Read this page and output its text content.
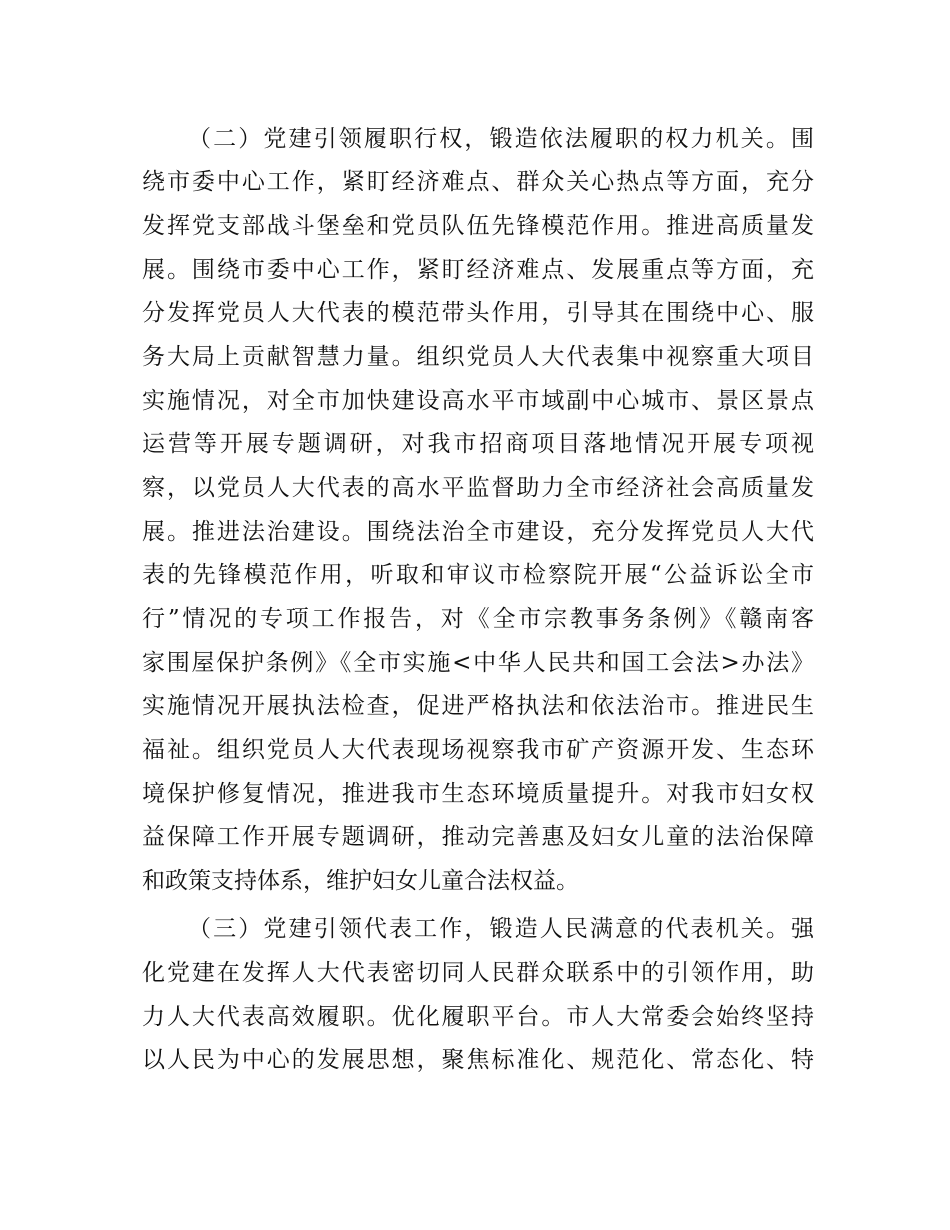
（二）党建引领履职行权，锻造依法履职的权力机关。围
绕市委中心工作，紧盯经济难点、群众关心热点等方面，充分
发挥党支部战斗堡垒和党员队伍先锋模范作用。推进高质量发
展。围绕市委中心工作，紧盯经济难点、发展重点等方面，充
分发挥党员人大代表的模范带头作用，引导其在围绕中心、服
务大局上贡献智慧力量。组织党员人大代表集中视察重大项目
实施情况，对全市加快建设高水平市域副中心城市、景区景点
运营等开展专题调研，对我市招商项目落地情况开展专项视
察，以党员人大代表的高水平监督助力全市经济社会高质量发
展。推进法治建设。围绕法治全市建设，充分发挥党员人大代
表的先锋模范作用，听取和审议市检察院开展“公益诉讼全市
行”情况的专项工作报告，对《全市宗教事务条例》《赣南客
家围屋保护条例》《全市实施<中华人民共和国工会法>办法》
实施情况开展执法检查，促进严格执法和依法治市。推进民生
福祉。组织党员人大代表现场视察我市矿产资源开发、生态环
境保护修复情况，推进我市生态环境质量提升。对我市妇女权
益保障工作开展专题调研，推动完善惠及妇女儿童的法治保障
和政策支持体系，维护妇女儿童合法权益。
（三）党建引领代表工作，锻造人民满意的代表机关。强
化党建在发挥人大代表密切同人民群众联系中的引领作用，助
力人大代表高效履职。优化履职平台。市人大常委会始终坚持
以人民为中心的发展思想，聚焦标准化、规范化、常态化、特
